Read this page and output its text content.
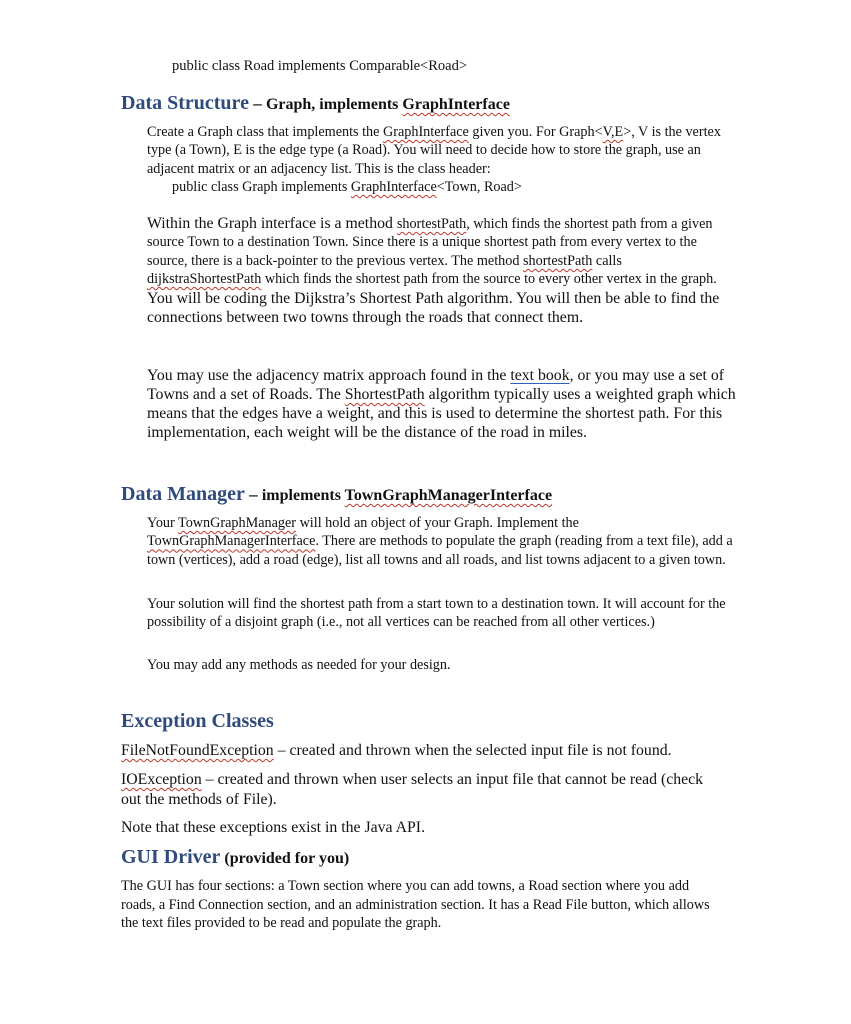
public class Road implements Comparable<Road>
Data Structure – Graph, implements GraphInterface
Create a Graph class that implements the GraphInterface given you. For Graph<V,E>, V is the vertex type (a Town), E is the edge type (a Road). You will need to decide how to store the graph, use an adjacent matrix or an adjacency list. This is the class header:
public class Graph implements GraphInterface<Town, Road>
Within the Graph interface is a method shortestPath, which finds the shortest path from a given source Town to a destination Town. Since there is a unique shortest path from every vertex to the source, there is a back-pointer to the previous vertex. The method shortestPath calls dijkstraShortestPath which finds the shortest path from the source to every other vertex in the graph. You will be coding the Dijkstra’s Shortest Path algorithm. You will then be able to find the connections between two towns through the roads that connect them.
You may use the adjacency matrix approach found in the text book, or you may use a set of Towns and a set of Roads. The ShortestPath algorithm typically uses a weighted graph which means that the edges have a weight, and this is used to determine the shortest path. For this implementation, each weight will be the distance of the road in miles.
Data Manager – implements TownGraphManagerInterface
Your TownGraphManager will hold an object of your Graph. Implement the TownGraphManagerInterface. There are methods to populate the graph (reading from a text file), add a town (vertices), add a road (edge), list all towns and all roads, and list towns adjacent to a given town.
Your solution will find the shortest path from a start town to a destination town. It will account for the possibility of a disjoint graph (i.e., not all vertices can be reached from all other vertices.)
You may add any methods as needed for your design.
Exception Classes
FileNotFoundException – created and thrown when the selected input file is not found.
IOException – created and thrown when user selects an input file that cannot be read (check out the methods of File).
Note that these exceptions exist in the Java API.
GUI Driver (provided for you)
The GUI has four sections: a Town section where you can add towns, a Road section where you add roads, a Find Connection section, and an administration section. It has a Read File button, which allows the text files provided to be read and populate the graph.
